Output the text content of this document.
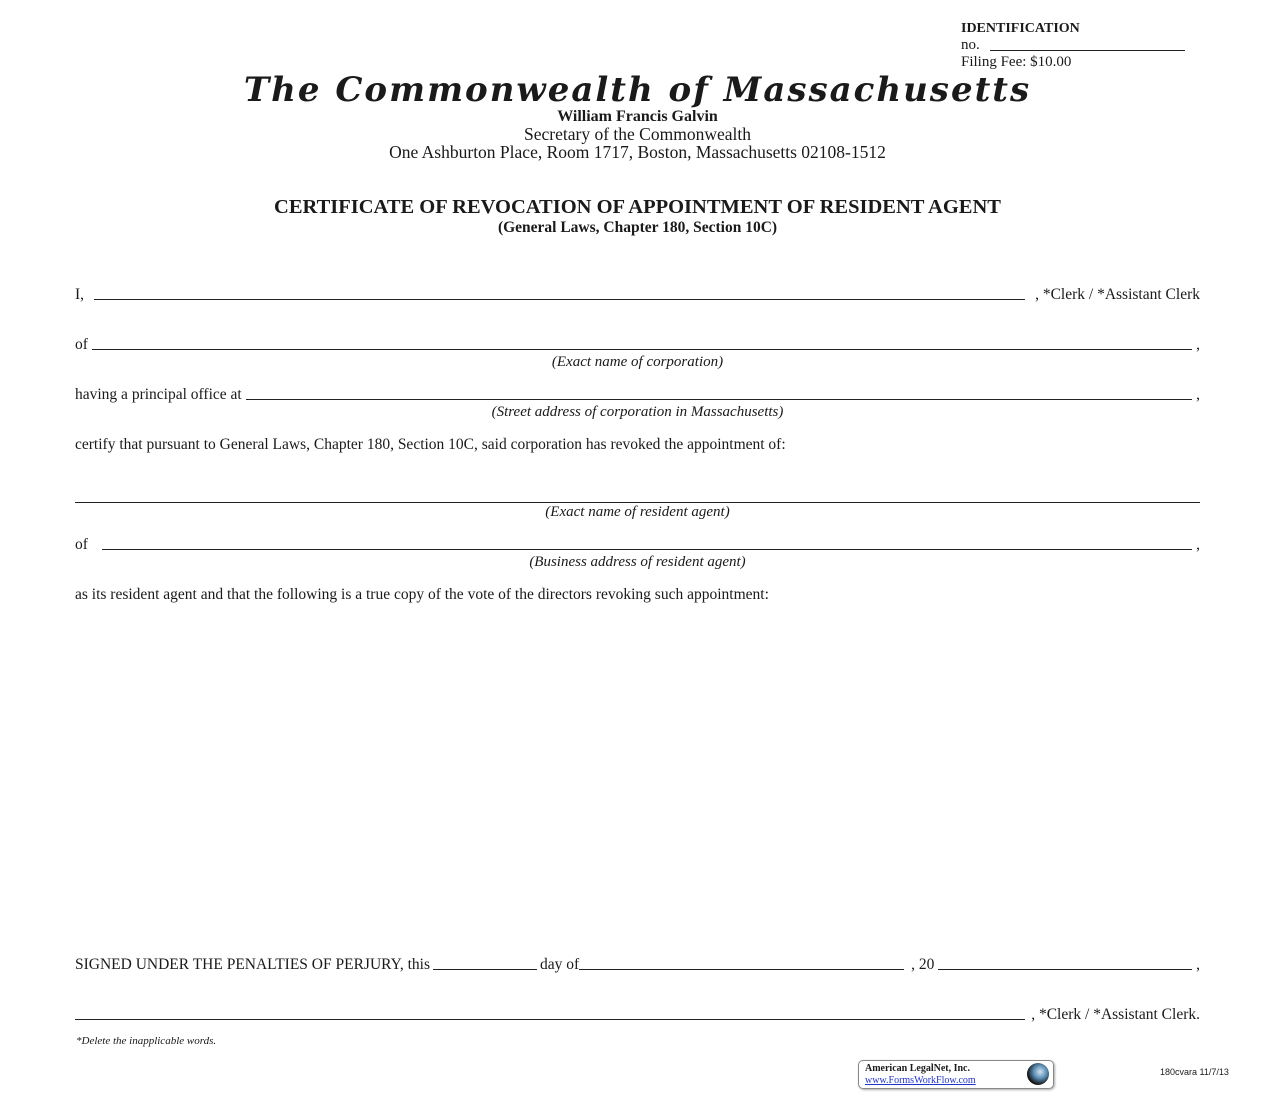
IDENTIFICATION
no.
Filing Fee: $10.00
The Commonwealth of Massachusetts
William Francis Galvin
Secretary of the Commonwealth
One Ashburton Place, Room 1717, Boston, Massachusetts 02108-1512
CERTIFICATE OF REVOCATION OF APPOINTMENT OF RESIDENT AGENT
(General Laws, Chapter 180, Section 10C)
I,	, *Clerk / *Assistant Clerk
of	,
(Exact name of corporation)
having a principal office at	,
(Street address of corporation in Massachusetts)
certify that pursuant to General Laws, Chapter 180, Section 10C, said corporation has revoked the appointment of:
(Exact name of resident agent)
of	,
(Business address of resident agent)
as its resident agent and that the following is a true copy of the vote of the directors revoking such appointment:
SIGNED UNDER THE PENALTIES OF PERJURY, this	day of	, 20	,
, *Clerk / *Assistant Clerk.
*Delete the inapplicable words.
American LegalNet, Inc.
www.FormsWorkFlow.com
180cvara 11/7/13
